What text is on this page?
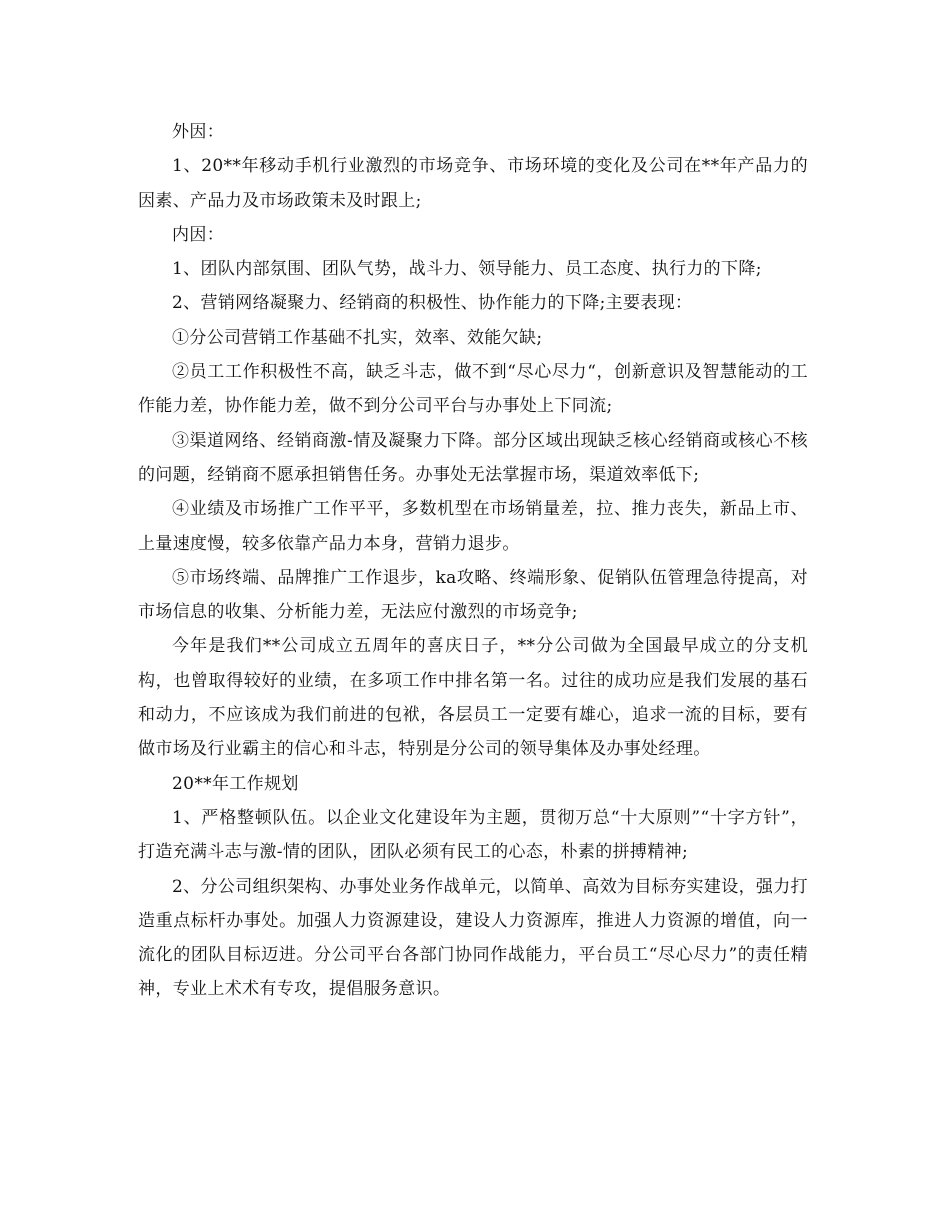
外因：

1、20**年移动手机行业激烈的市场竞争、市场环境的变化及公司在**年产品力的因素、产品力及市场政策未及时跟上;

内因：

1、团队内部氛围、团队气势，战斗力、领导能力、员工态度、执行力的下降;

2、营销网络凝聚力、经销商的积极性、协作能力的下降;主要表现：

①分公司营销工作基础不扎实，效率、效能欠缺;

②员工工作积极性不高，缺乏斗志，做不到“尽心尽力“，创新意识及智慧能动的工作能力差，协作能力差，做不到分公司平台与办事处上下同流;

③渠道网络、经销商激-情及凝聚力下降。部分区域出现缺乏核心经销商或核心不核的问题，经销商不愿承担销售任务。办事处无法掌握市场，渠道效率低下;

④业绩及市场推广工作平平，多数机型在市场销量差，拉、推力丧失，新品上市、上量速度慢，较多依靠产品力本身，营销力退步。

⑤市场终端、品牌推广工作退步，ka攻略、终端形象、促销队伍管理急待提高，对市场信息的收集、分析能力差，无法应付激烈的市场竞争;

今年是我们**公司成立五周年的喜庆日子，**分公司做为全国最早成立的分支机构，也曾取得较好的业绩，在多项工作中排名第一名。过往的成功应是我们发展的基石和动力，不应该成为我们前进的包袱，各层员工一定要有雄心，追求一流的目标，要有做市场及行业霸主的信心和斗志，特别是分公司的领导集体及办事处经理。

20**年工作规划

1、严格整顿队伍。以企业文化建设年为主题，贯彻万总“十大原则”“十字方针”，打造充满斗志与激-情的团队，团队必须有民工的心态，朴素的拼搏精神;

2、分公司组织架构、办事处业务作战单元，以简单、高效为目标夯实建设，强力打造重点标杆办事处。加强人力资源建设，建设人力资源库，推进人力资源的增值，向一流化的团队目标迈进。分公司平台各部门协同作战能力，平台员工“尽心尽力”的责任精神，专业上术术有专攻，提倡服务意识。
